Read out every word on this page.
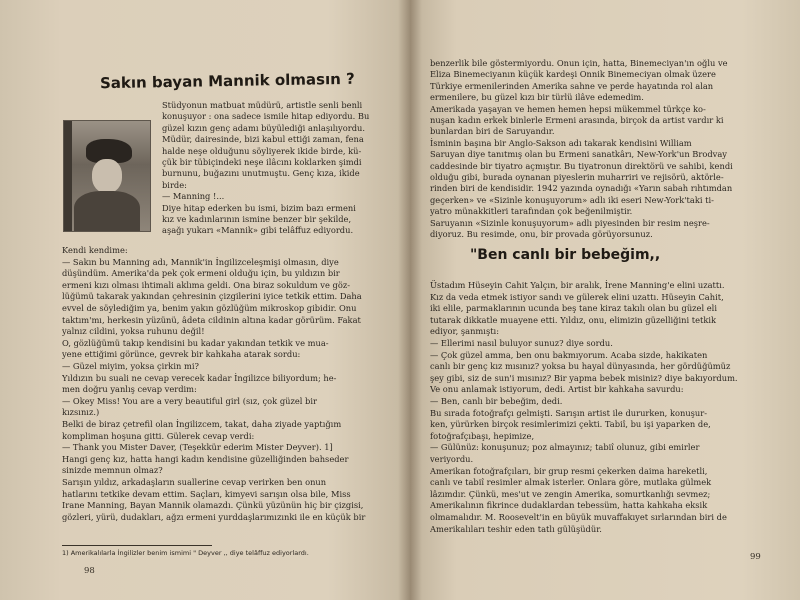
Sakın bayan Mannik olmasın ?
Stüdyonun matbuat müdürü, artistle senli benli
konuşuyor : ona sadece ismile hitap ediyordu. Bu
güzel kızın genç adamı büyülediği anlaşılıyordu.
Müdür, dairesinde, bizi kabul ettiği zaman, fena
halde neşe olduğunu söyliyerek ikide birde, kü-
çük bir tübiçindeki neşe ilâcını koklarken şimdi
burnunu, buğazını unutmuştu. Genç kıza, ikide
birde:
— Manning !...
Diye hitap ederken bu ismi, bizim bazı ermeni
kız ve kadınlarının ismine benzer bir şekilde,
aşağı yukarı «Mannik» gibi telâffuz ediyordu.
Kendi kendime:
— Sakın bu Manning adı, Mannik'in İngilizceleşmişi olmasın, diye
düşündüm. Amerika'da pek çok ermeni olduğu için, bu yıldızın bir
ermeni kızı olması ihtimali aklıma geldi. Ona biraz sokuldum ve göz-
lüğümü takarak yakından çehresinin çizgilerini iyice tetkik ettim. Daha
evvel de söylediğim ya, benim yakın gözlüğüm mikroskop gibidir. Onu
taktım'mı, herkesin yüzünü, âdeta cildinin altına kadar görürüm. Fakat
yalnız cildini, yoksa ruhunu değil!
O, gözlüğümü takıp kendisini bu kadar yakından tetkik ve mua-
yene ettiğimi görünce, gevrek bir kahkaha atarak sordu:
— Güzel miyim, yoksa çirkin mi?
Yıldızın bu suali ne cevap verecek kadar İngilizce biliyordum; he-
men doğru yanlış cevap verdim:
— Okey Miss! You are a very beautiful girl (sız, çok güzel bir
kızsınız.)
Belki de biraz çetrefil olan İngilizcem, takat, daha ziyade yaptığım
kompliman hoşuna gitti. Gülerek cevap verdi:
— Thank you Mister Daver, (Teşekkür ederim Mister Deyver). 1]
Hangi genç kız, hatta hangi kadın kendisine güzelliğinden bahseder
sinizde memnun olmaz?
Sarışın yıldız, arkadaşların suallerine cevap verirken ben onun
hatlarını tetkike devam ettim. Saçları, kimyevi sarışın olsa bile, Miss
Irane Manning, Bayan Mannik olamazdı. Çünkü yüzünün hiç bir çizgisi,
gözleri, yürü, dudakları, ağzı ermeni yurddaşlarımızınki ile en küçük bir
1) Amerikalılarla İngilizler benim ismimi " Deyver ,, diye telâffuz ediyorlardı.
98
benzerlik bile göstermiyordu. Onun için, hatta, Binemeciyan'ın oğlu ve
Eliza Binemeciyanın küçük kardeşi Onnik Binemeciyan olmak üzere
Türkiye ermenilerinden Amerika sahne ve perde hayatında rol alan
ermenilere, bu güzel kızı bir türlü ilâve edemedim.
Amerikada yaşayan ve hemen hemen hepsi mükemmel türkçe ko-
nuşan kadın erkek binlerle Ermeni arasında, birçok da artist vardır ki
bunlardan biri de Saruyandır.
İsminin başına bir Anglo-Sakson adı takarak kendisini William
Saruyan diye tanıtmış olan bu Ermeni sanatkârı, New-York'un Brodvay
caddesinde bir tiyatro açmıştır. Bu tiyatronun direktörü ve sahibi, kendi
olduğu gibi, burada oynanan piyeslerin muharriri ve rejisörü, aktörle-
rinden biri de kendisidir. 1942 yazında oynadığı «Yarın sabah rıhtımdan
geçerken» ve «Sizinle konuşuyorum» adlı iki eseri New-York'taki ti-
yatro münakkitleri tarafından çok beğenilmiştir.
Saruyanın «Sizinle konuşuyorum» adlı piyesinden bir resim neşre-
diyoruz. Bu resimde, onu, bir provada görüyorsunuz.
Üstadım Hüseyin Cahit Yalçın, bir aralık, İrene Manning'e elini uzattı.
Kız da veda etmek istiyor sandı ve gülerek elini uzattı. Hüseyin Cahit,
iki elile, parmaklarının ucunda beş tane kiraz takılı olan bu güzel eli
tutarak dikkatle muayene etti. Yıldız, onu, elimizin güzelliğini tetkik
ediyor, şanmıştı:
— Ellerimi nasıl buluyor sunuz? diye sordu.
— Çok güzel amma, ben onu bakmıyorum. Acaba sizde, hakikaten
canlı bir genç kız mısınız? yoksa bu hayal dünyasında, her gördüğümüz
şey gibi, siz de sun'i mısınız? Bir yapma bebek misiniz? diye bakıyordum.
Ve onu anlamak istiyorum, dedi. Artist bir kahkaha savurdu:
— Ben, canlı bir bebeğim, dedi.
Bu sırada fotoğrafçı gelmişti. Sarışın artist ile dururken, konuşur-
ken, yürürken birçok resimlerimizi çekti. Tabiî, bu işi yaparken de,
fotoğrafçıbaşı, hepimize,
— Gülünüz: konuşunuz; poz almayınız; tabiî olunuz, gibi emirler
veriyordu.
Amerikan fotoğrafçıları, bir grup resmi çekerken daima hareketli,
canlı ve tabiî resimler almak isterler. Onlara göre, mutlaka gülmek
lâzımdır. Çünkü, mes'ut ve zengin Amerika, somurtkanlığı sevmez;
Amerikalının fikrince dudaklardan tebessüm, hatta kahkaha eksik
olmamalıdır. M. Roosevelt'in en büyük muvaffakıyet sırlarından biri de
Amerikalıları teshir eden tatlı gülüşüdür.
99
"Ben canlı bir bebeğim,,
